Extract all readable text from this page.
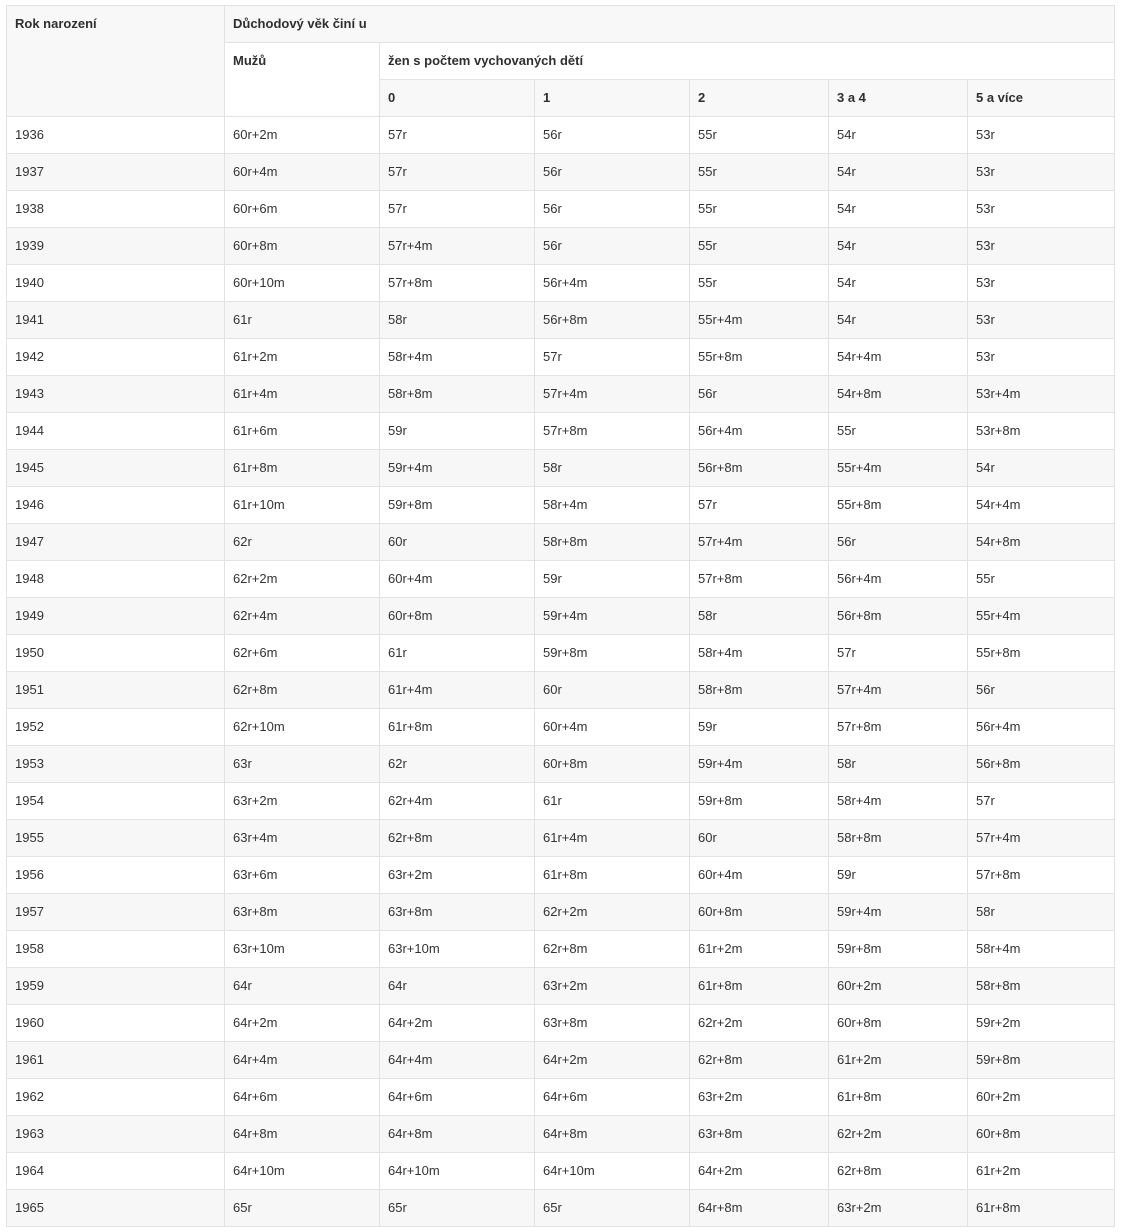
Rok narození	Důchodový věk činí u					
	Mužů	žen s počtem vychovaných dětí				
		0	1	2	3 a 4	5 a více
1936	60r+2m	57r	56r	55r	54r	53r
1937	60r+4m	57r	56r	55r	54r	53r
1938	60r+6m	57r	56r	55r	54r	53r
1939	60r+8m	57r+4m	56r	55r	54r	53r
1940	60r+10m	57r+8m	56r+4m	55r	54r	53r
1941	61r	58r	56r+8m	55r+4m	54r	53r
1942	61r+2m	58r+4m	57r	55r+8m	54r+4m	53r
1943	61r+4m	58r+8m	57r+4m	56r	54r+8m	53r+4m
1944	61r+6m	59r	57r+8m	56r+4m	55r	53r+8m
1945	61r+8m	59r+4m	58r	56r+8m	55r+4m	54r
1946	61r+10m	59r+8m	58r+4m	57r	55r+8m	54r+4m
1947	62r	60r	58r+8m	57r+4m	56r	54r+8m
1948	62r+2m	60r+4m	59r	57r+8m	56r+4m	55r
1949	62r+4m	60r+8m	59r+4m	58r	56r+8m	55r+4m
1950	62r+6m	61r	59r+8m	58r+4m	57r	55r+8m
1951	62r+8m	61r+4m	60r	58r+8m	57r+4m	56r
1952	62r+10m	61r+8m	60r+4m	59r	57r+8m	56r+4m
1953	63r	62r	60r+8m	59r+4m	58r	56r+8m
1954	63r+2m	62r+4m	61r	59r+8m	58r+4m	57r
1955	63r+4m	62r+8m	61r+4m	60r	58r+8m	57r+4m
1956	63r+6m	63r+2m	61r+8m	60r+4m	59r	57r+8m
1957	63r+8m	63r+8m	62r+2m	60r+8m	59r+4m	58r
1958	63r+10m	63r+10m	62r+8m	61r+2m	59r+8m	58r+4m
1959	64r	64r	63r+2m	61r+8m	60r+2m	58r+8m
1960	64r+2m	64r+2m	63r+8m	62r+2m	60r+8m	59r+2m
1961	64r+4m	64r+4m	64r+2m	62r+8m	61r+2m	59r+8m
1962	64r+6m	64r+6m	64r+6m	63r+2m	61r+8m	60r+2m
1963	64r+8m	64r+8m	64r+8m	63r+8m	62r+2m	60r+8m
1964	64r+10m	64r+10m	64r+10m	64r+2m	62r+8m	61r+2m
1965	65r	65r	65r	64r+8m	63r+2m	61r+8m
